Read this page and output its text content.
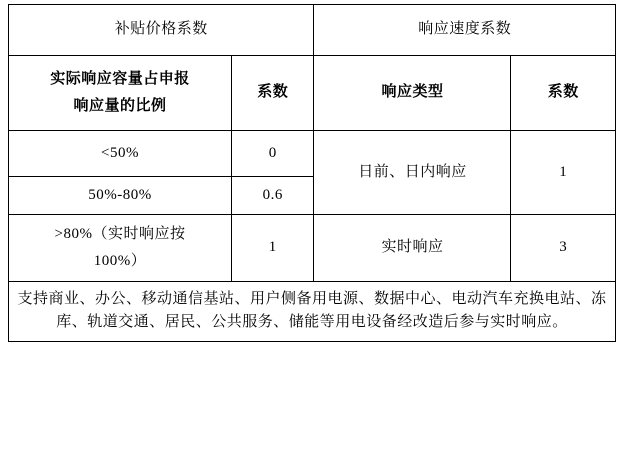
补贴价格系数		响应速度系数	

实际响应容量占申报
响应量的比例	系数	响应类型	系数
<50%	0	日前、日内响应	1
50%-80%	0.6		

>80%（实时响应按
100%）	1	实时响应	3
支持商业、办公、移动通信基站、用户侧备用电源、数据中心、电动汽车充换电站、冻库、轨道交通、居民、公共服务、储能等用电设备经改造后参与实时响应。			
